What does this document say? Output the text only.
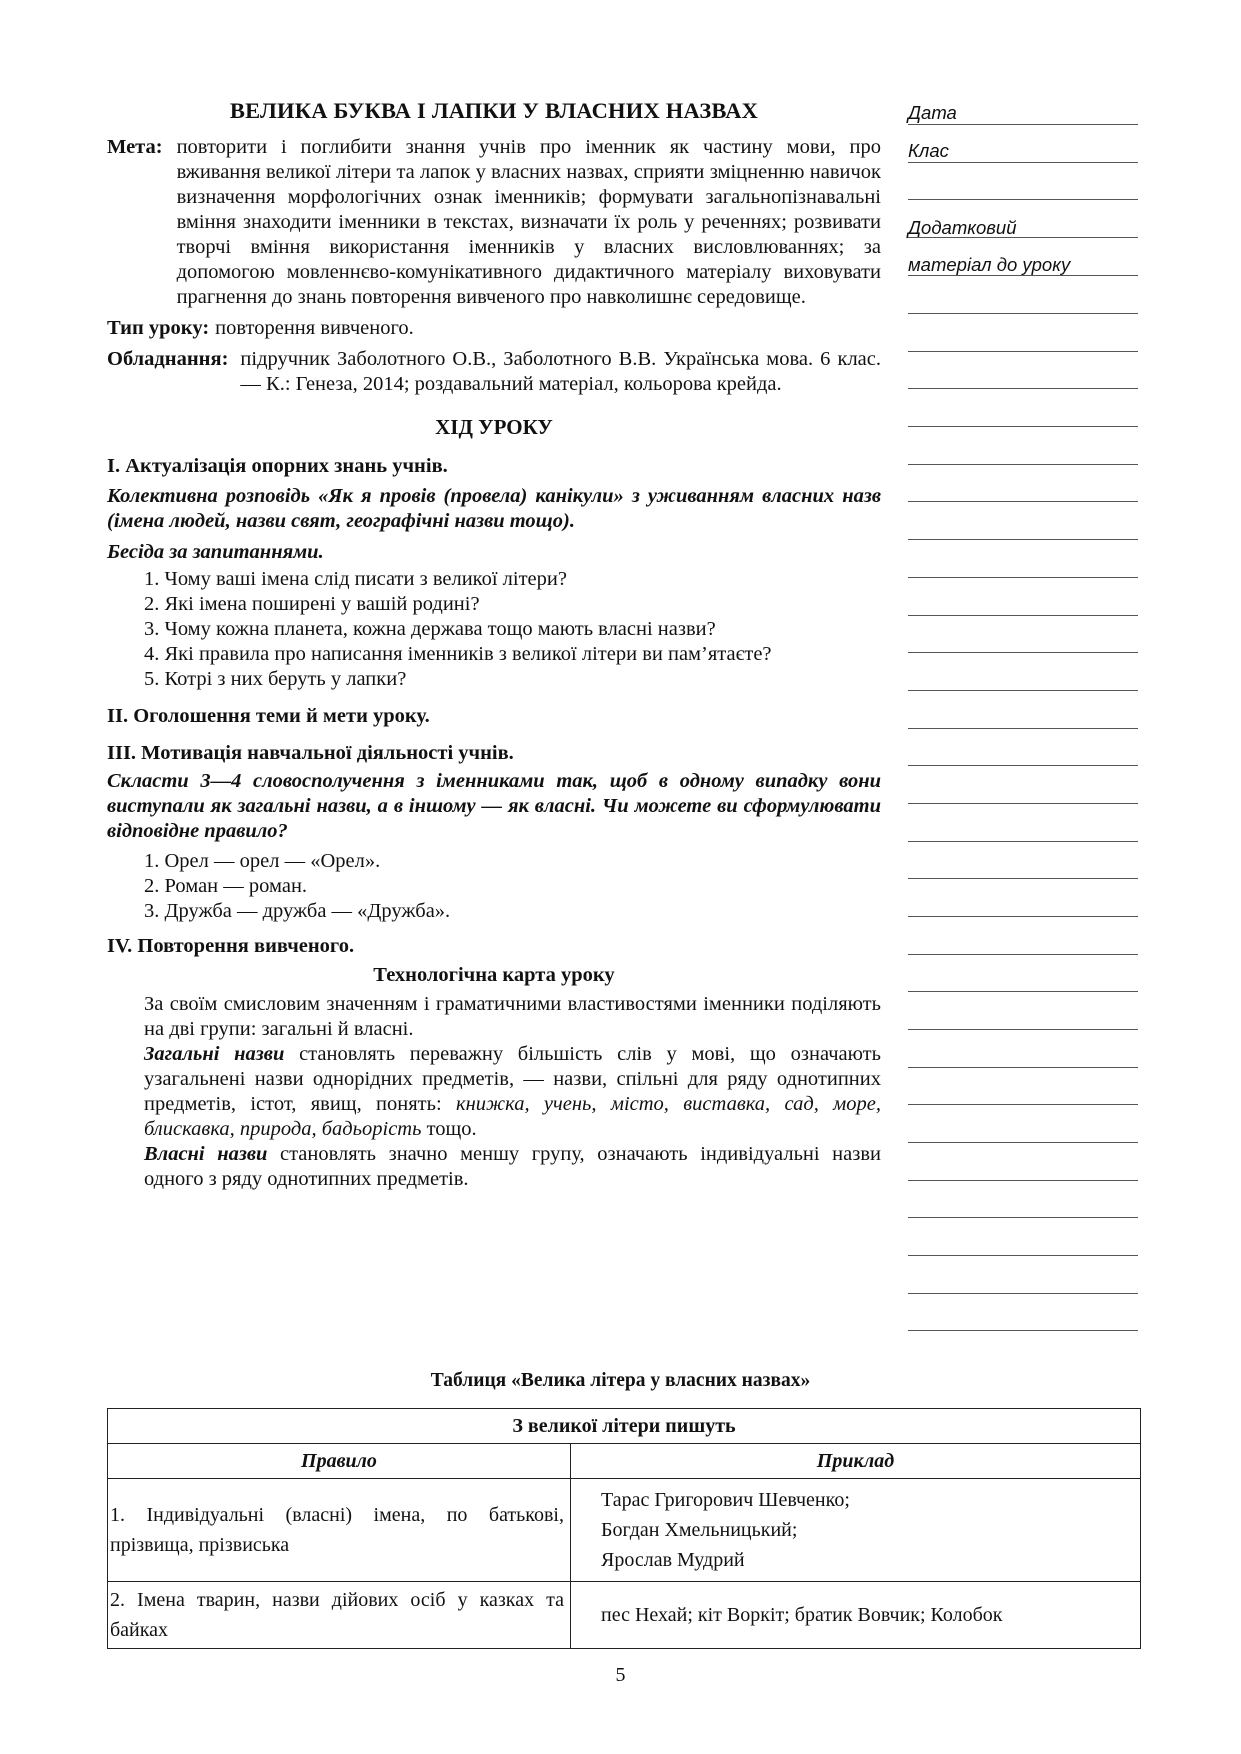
ВЕЛИКА БУКВА І ЛАПКИ У ВЛАСНИХ НАЗВАХ
Мета: повторити і поглибити знання учнів про іменник як частину мови, про вживання великої літери та лапок у власних назвах, сприяти зміцненню навичок визначення морфологічних ознак іменників; формувати загальнопізнавальні вміння знаходити іменники в текстах, визначати їх роль у реченнях; розвивати творчі вміння використання іменників у власних висловлюваннях; за допомогою мовленнєво-комунікативного дидактичного матеріалу виховувати прагнення до знань повторення вивченого про навколишнє середовище.
Тип уроку: повторення вивченого.
Обладнання: підручник Заболотного О.В., Заболотного В.В. Українська мова. 6 клас. — К.: Генеза, 2014; роздавальний матеріал, кольорова крейда.
ХІД УРОКУ
І. Актуалізація опорних знань учнів.
Колективна розповідь «Як я провів (провела) канікули» з уживанням власних назв (імена людей, назви свят, географічні назви тощо).
Бесіда за запитаннями.
1. Чому ваші імена слід писати з великої літери?
2. Які імена поширені у вашій родині?
3. Чому кожна планета, кожна держава тощо мають власні назви?
4. Які правила про написання іменників з великої літери ви пам’ятаєте?
5. Котрі з них беруть у лапки?
ІІ. Оголошення теми й мети уроку.
ІІІ. Мотивація навчальної діяльності учнів.
Скласти 3—4 словосполучення з іменниками так, щоб в одному випадку вони виступали як загальні назви, а в іншому — як власні. Чи можете ви сформулювати відповідне правило?
1. Орел — орел — «Орел».
2. Роман — роман.
3. Дружба — дружба — «Дружба».
IV. Повторення вивченого.
Технологічна карта уроку
За своїм смисловим значенням і граматичними властивостями іменники поділяють на дві групи: загальні й власні.
Загальні назви становлять переважну більшість слів у мові, що означають узагальнені назви однорідних предметів, — назви, спільні для ряду однотипних предметів, істот, явищ, понять: книжка, учень, місто, виставка, сад, море, блискавка, природа, бадьорість тощо.
Власні назви становлять значно меншу групу, означають індивідуальні назви одного з ряду однотипних предметів.
Дата
Клас
Додатковий
матеріал до уроку
Таблиця «Велика літера у власних назвах»
З великої літери пишуть	
Правило	Приклад
1. Індивідуальні (власні) імена, по батькові, прізвища, прізвиська	Тарас Григорович Шевченко;
Богдан Хмельницький;
Ярослав Мудрий

2. Імена тварин, назви дійових осіб у казках та байках	пес Нехай; кіт Воркіт; братик Вовчик; Колобок
5
